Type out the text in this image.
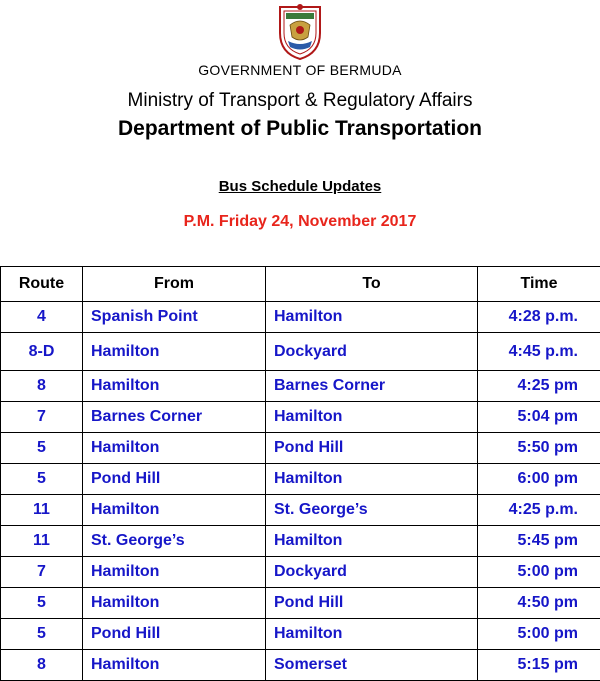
GOVERNMENT OF BERMUDA
Ministry of Transport & Regulatory Affairs
Department of Public Transportation
Bus Schedule Updates
P.M. Friday 24, November 2017
Route	From	To	Time
4	Spanish Point	Hamilton	4:28 p.m.
8-D	Hamilton	Dockyard	4:45 p.m.
8	Hamilton	Barnes Corner	4:25 pm
7	Barnes Corner	Hamilton	5:04 pm
5	Hamilton	Pond Hill	5:50 pm
5	Pond Hill	Hamilton	6:00 pm
11	Hamilton	St. George’s	4:25 p.m.
11	St. George’s	Hamilton	5:45 pm
7	Hamilton	Dockyard	5:00 pm
5	Hamilton	Pond Hill	4:50 pm
5	Pond Hill	Hamilton	5:00 pm
8	Hamilton	Somerset	5:15 pm
